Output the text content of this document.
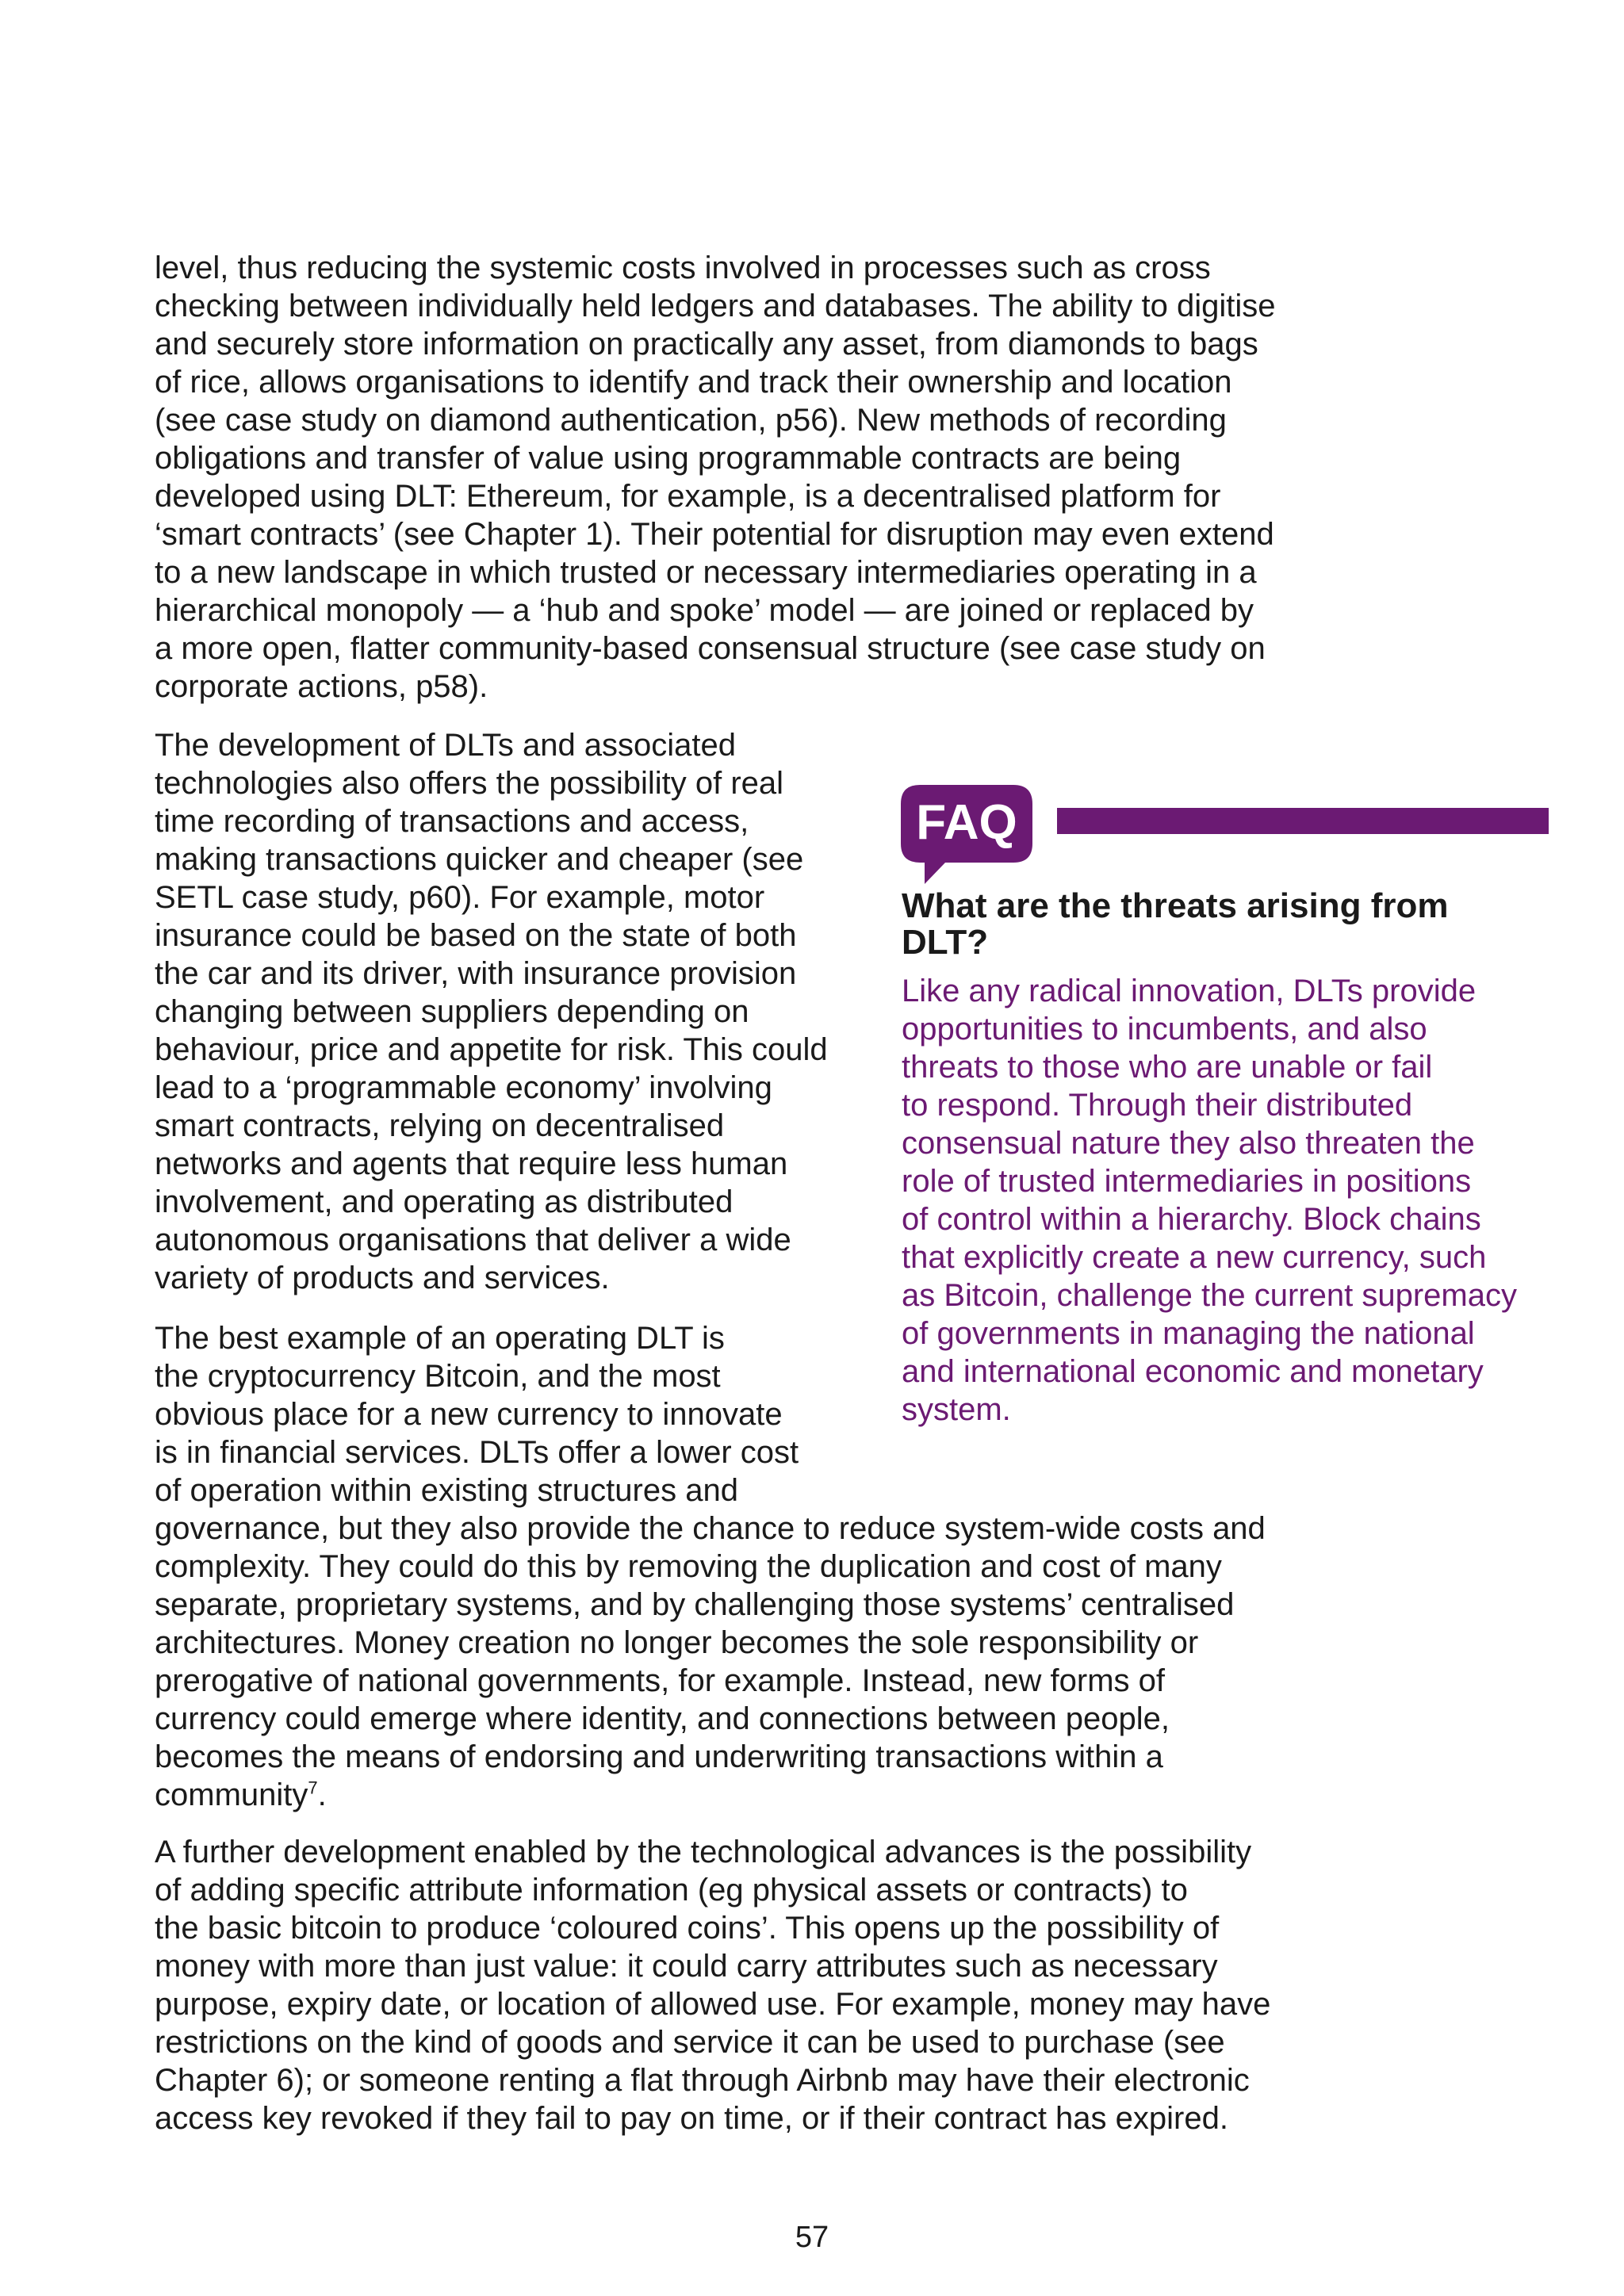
level, thus reducing the systemic costs involved in processes such as cross
checking between individually held ledgers and databases. The ability to digitise
and securely store information on practically any asset, from diamonds to bags
of rice, allows organisations to identify and track their ownership and location
(see case study on diamond authentication, p56). New methods of recording
obligations and transfer of value using programmable contracts are being
developed using DLT: Ethereum, for example, is a decentralised platform for
‘smart contracts’ (see Chapter 1). Their potential for disruption may even extend
to a new landscape in which trusted or necessary intermediaries operating in a
hierarchical monopoly — a ‘hub and spoke’ model — are joined or replaced by
a more open, flatter community-based consensual structure (see case study on
corporate actions, p58).

The development of DLTs and associated
technologies also offers the possibility of real
time recording of transactions and access,
making transactions quicker and cheaper (see
SETL case study, p60). For example, motor
insurance could be based on the state of both
the car and its driver, with insurance provision
changing between suppliers depending on
behaviour, price and appetite for risk. This could
lead to a ‘programmable economy’ involving
smart contracts, relying on decentralised
networks and agents that require less human
involvement, and operating as distributed
autonomous organisations that deliver a wide
variety of products and services.

The best example of an operating DLT is
the cryptocurrency Bitcoin, and the most
obvious place for a new currency to innovate
is in financial services. DLTs offer a lower cost
of operation within existing structures and
governance, but they also provide the chance to reduce system-wide costs and
complexity. They could do this by removing the duplication and cost of many
separate, proprietary systems, and by challenging those systems’ centralised
architectures. Money creation no longer becomes the sole responsibility or
prerogative of national governments, for example. Instead, new forms of
currency could emerge where identity, and connections between people,
becomes the means of endorsing and underwriting transactions within a
community$^7$.

A further development enabled by the technological advances is the possibility
of adding specific attribute information (eg physical assets or contracts) to
the basic bitcoin to produce ‘coloured coins’. This opens up the possibility of
money with more than just value: it could carry attributes such as necessary
purpose, expiry date, or location of allowed use. For example, money may have
restrictions on the kind of goods and service it can be used to purchase (see
Chapter 6); or someone renting a flat through Airbnb may have their electronic
access key revoked if they fail to pay on time, or if their contract has expired.

FAQ

What are the threats arising from
DLT?

Like any radical innovation, DLTs provide
opportunities to incumbents, and also
threats to those who are unable or fail
to respond. Through their distributed
consensual nature they also threaten the
role of trusted intermediaries in positions
of control within a hierarchy. Block chains
that explicitly create a new currency, such
as Bitcoin, challenge the current supremacy
of governments in managing the national
and international economic and monetary
system.

57
